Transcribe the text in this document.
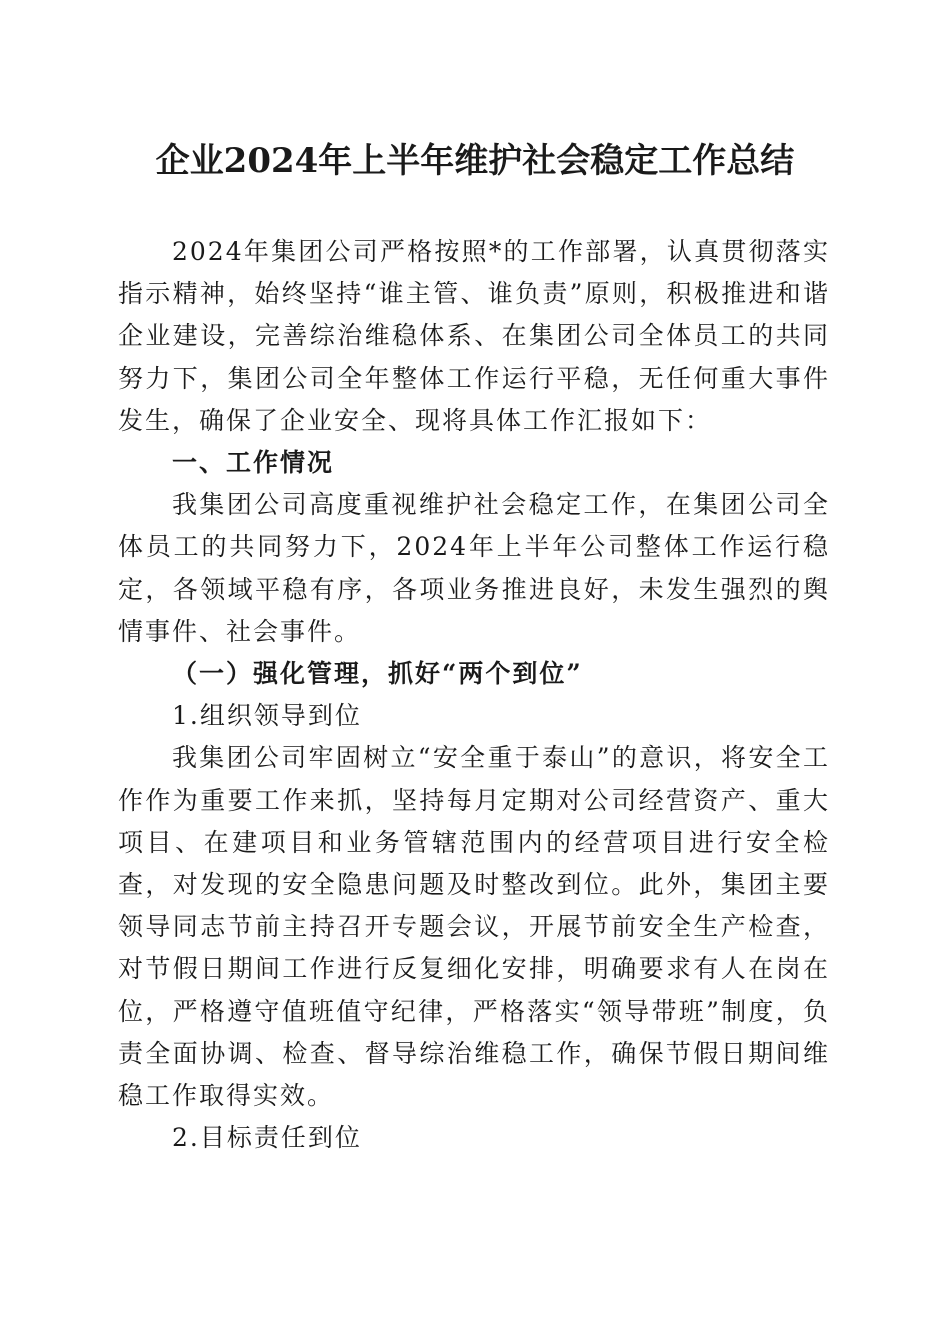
企业2024年上半年维护社会稳定工作总结

2024年集团公司严格按照*的工作部署，认真贯彻落实指示精神，始终坚持“谁主管、谁负责”原则，积极推进和谐企业建设，完善综治维稳体系、在集团公司全体员工的共同努力下，集团公司全年整体工作运行平稳，无任何重大事件发生，确保了企业安全、现将具体工作汇报如下：

一、工作情况

我集团公司高度重视维护社会稳定工作，在集团公司全体员工的共同努力下，2024年上半年公司整体工作运行稳定，各领域平稳有序，各项业务推进良好，未发生强烈的舆情事件、社会事件。

（一）强化管理，抓好“两个到位”

1.组织领导到位

我集团公司牢固树立“安全重于泰山”的意识，将安全工作作为重要工作来抓，坚持每月定期对公司经营资产、重大项目、在建项目和业务管辖范围内的经营项目进行安全检查，对发现的安全隐患问题及时整改到位。此外，集团主要领导同志节前主持召开专题会议，开展节前安全生产检查，对节假日期间工作进行反复细化安排，明确要求有人在岗在位，严格遵守值班值守纪律，严格落实“领导带班”制度，负责全面协调、检查、督导综治维稳工作，确保节假日期间维稳工作取得实效。

2.目标责任到位
